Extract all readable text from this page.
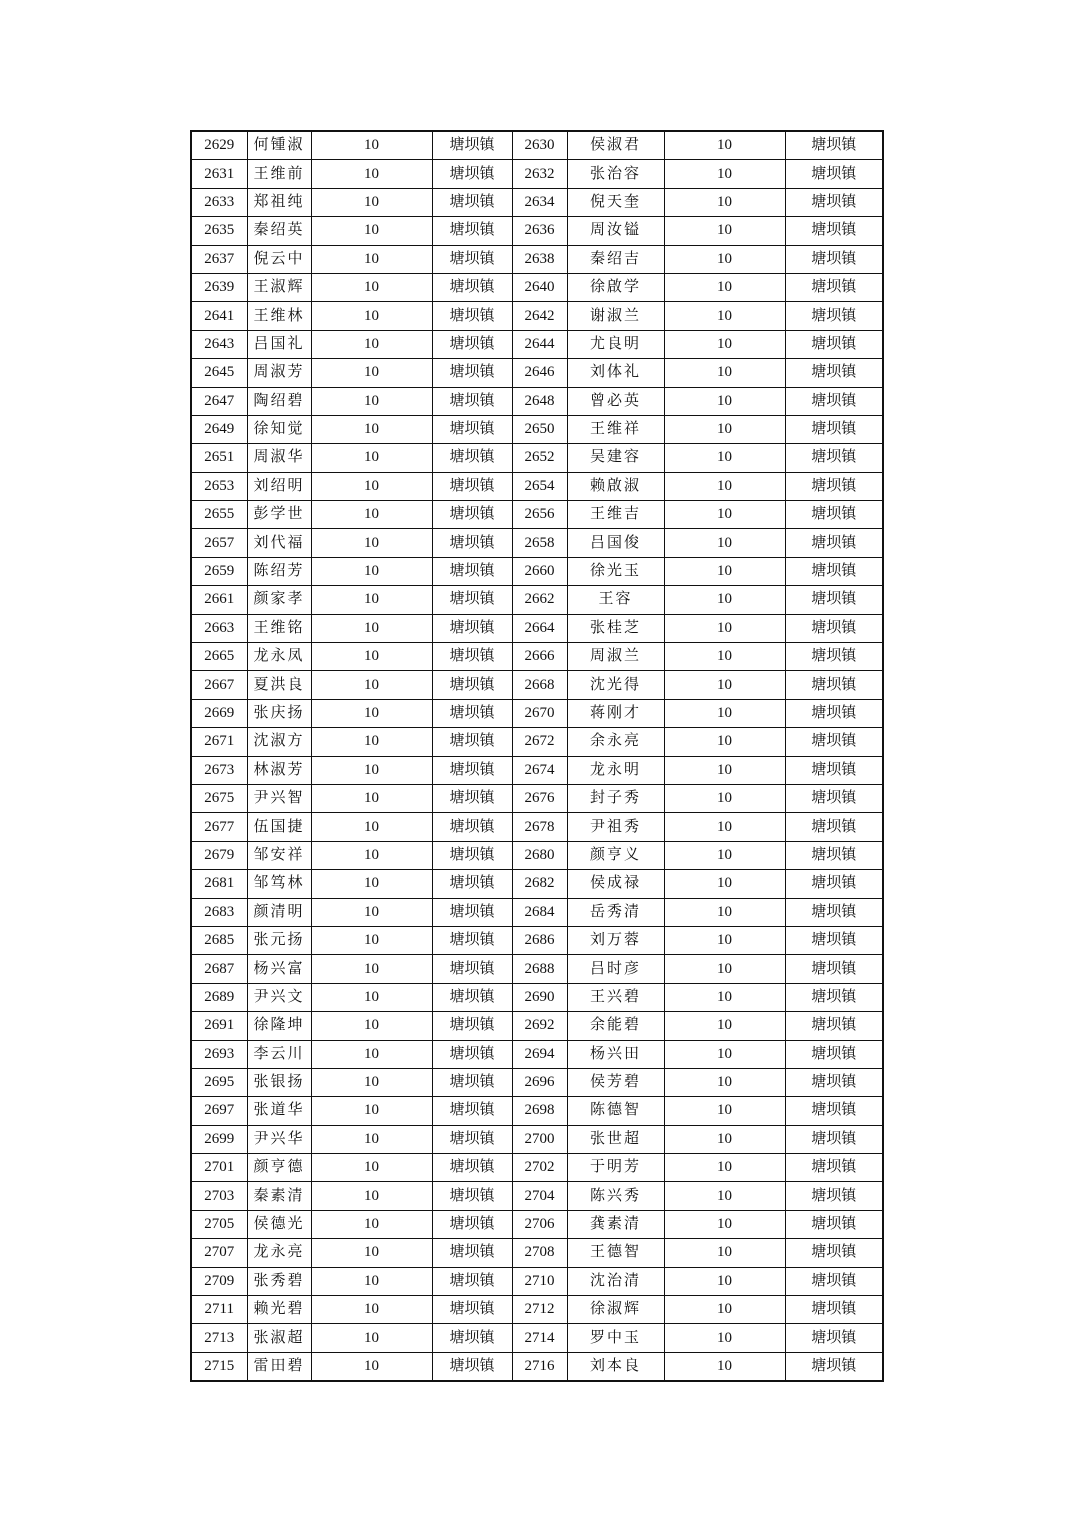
2629	何锺淑	10	塘坝镇	2630	侯淑君	10	塘坝镇
2631	王维前	10	塘坝镇	2632	张治容	10	塘坝镇
2633	郑祖纯	10	塘坝镇	2634	倪天奎	10	塘坝镇
2635	秦绍英	10	塘坝镇	2636	周汝镒	10	塘坝镇
2637	倪云中	10	塘坝镇	2638	秦绍吉	10	塘坝镇
2639	王淑辉	10	塘坝镇	2640	徐啟学	10	塘坝镇
2641	王维林	10	塘坝镇	2642	谢淑兰	10	塘坝镇
2643	吕国礼	10	塘坝镇	2644	尤良明	10	塘坝镇
2645	周淑芳	10	塘坝镇	2646	刘体礼	10	塘坝镇
2647	陶绍碧	10	塘坝镇	2648	曾必英	10	塘坝镇
2649	徐知觉	10	塘坝镇	2650	王维祥	10	塘坝镇
2651	周淑华	10	塘坝镇	2652	吴建容	10	塘坝镇
2653	刘绍明	10	塘坝镇	2654	赖啟淑	10	塘坝镇
2655	彭学世	10	塘坝镇	2656	王维吉	10	塘坝镇
2657	刘代福	10	塘坝镇	2658	吕国俊	10	塘坝镇
2659	陈绍芳	10	塘坝镇	2660	徐光玉	10	塘坝镇
2661	颜家孝	10	塘坝镇	2662	王容	10	塘坝镇
2663	王维铭	10	塘坝镇	2664	张桂芝	10	塘坝镇
2665	龙永凤	10	塘坝镇	2666	周淑兰	10	塘坝镇
2667	夏洪良	10	塘坝镇	2668	沈光得	10	塘坝镇
2669	张庆扬	10	塘坝镇	2670	蒋刚才	10	塘坝镇
2671	沈淑方	10	塘坝镇	2672	余永亮	10	塘坝镇
2673	林淑芳	10	塘坝镇	2674	龙永明	10	塘坝镇
2675	尹兴智	10	塘坝镇	2676	封子秀	10	塘坝镇
2677	伍国捷	10	塘坝镇	2678	尹祖秀	10	塘坝镇
2679	邹安祥	10	塘坝镇	2680	颜亨义	10	塘坝镇
2681	邹笃林	10	塘坝镇	2682	侯成禄	10	塘坝镇
2683	颜清明	10	塘坝镇	2684	岳秀清	10	塘坝镇
2685	张元扬	10	塘坝镇	2686	刘万蓉	10	塘坝镇
2687	杨兴富	10	塘坝镇	2688	吕时彦	10	塘坝镇
2689	尹兴文	10	塘坝镇	2690	王兴碧	10	塘坝镇
2691	徐隆坤	10	塘坝镇	2692	余能碧	10	塘坝镇
2693	李云川	10	塘坝镇	2694	杨兴田	10	塘坝镇
2695	张银扬	10	塘坝镇	2696	侯芳碧	10	塘坝镇
2697	张道华	10	塘坝镇	2698	陈德智	10	塘坝镇
2699	尹兴华	10	塘坝镇	2700	张世超	10	塘坝镇
2701	颜亨德	10	塘坝镇	2702	于明芳	10	塘坝镇
2703	秦素清	10	塘坝镇	2704	陈兴秀	10	塘坝镇
2705	侯德光	10	塘坝镇	2706	龚素清	10	塘坝镇
2707	龙永亮	10	塘坝镇	2708	王德智	10	塘坝镇
2709	张秀碧	10	塘坝镇	2710	沈治清	10	塘坝镇
2711	赖光碧	10	塘坝镇	2712	徐淑辉	10	塘坝镇
2713	张淑超	10	塘坝镇	2714	罗中玉	10	塘坝镇
2715	雷田碧	10	塘坝镇	2716	刘本良	10	塘坝镇
